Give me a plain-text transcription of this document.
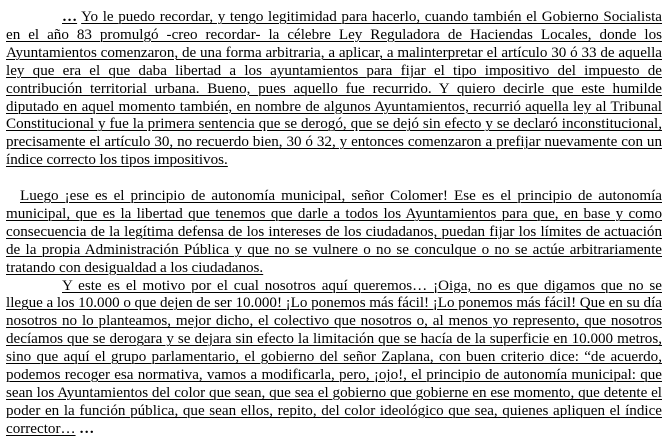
… Yo le puedo recordar, y tengo legitimidad para hacerlo, cuando también el Gobierno Socialista en el año 83 promulgó -creo recordar- la célebre Ley Reguladora de Haciendas Locales, donde los Ayuntamientos comenzaron, de una forma arbitraria, a aplicar, a malinterpretar el artículo 30 ó 33 de aquella ley que era el que daba libertad a los ayuntamientos para fijar el tipo impositivo del impuesto de contribución territorial urbana. Bueno, pues aquello fue recurrido. Y quiero decirle que este humilde diputado en aquel momento también, en nombre de algunos Ayuntamientos, recurrió aquella ley al Tribunal Constitucional y fue la primera sentencia que se derogó, que se dejó sin efecto y se declaró inconstitucional, precisamente el artículo 30, no recuerdo bien, 30 ó 32, y entonces comenzaron a prefijar nuevamente con un índice correcto los tipos impositivos.

Luego ¡ese es el principio de autonomía municipal, señor Colomer! Ese es el principio de autonomía municipal, que es la libertad que tenemos que darle a todos los Ayuntamientos para que, en base y como consecuencia de la legítima defensa de los intereses de los ciudadanos, puedan fijar los límites de actuación de la propia Administración Pública y que no se vulnere o no se conculque o no se actúe arbitrariamente tratando con desigualdad a los ciudadanos.

Y este es el motivo por el cual nosotros aquí queremos… ¡Oiga, no es que digamos que no se llegue a los 10.000 o que dejen de ser 10.000! ¡Lo ponemos más fácil! ¡Lo ponemos más fácil! Que en su día nosotros no lo planteamos, mejor dicho, el colectivo que nosotros o, al menos yo represento, que nosotros decíamos que se derogara y se dejara sin efecto la limitación que se hacía de la superficie en 10.000 metros, sino que aquí el grupo parlamentario, el gobierno del señor Zaplana, con buen criterio dice: “de acuerdo, podemos recoger esa normativa, vamos a modificarla, pero, ¡ojo!, el principio de autonomía municipal: que sean los Ayuntamientos del color que sean, que sea el gobierno que gobierne en ese momento, que detente el poder en la función pública, que sean ellos, repito, del color ideológico que sea, quienes apliquen el índice corrector… …
